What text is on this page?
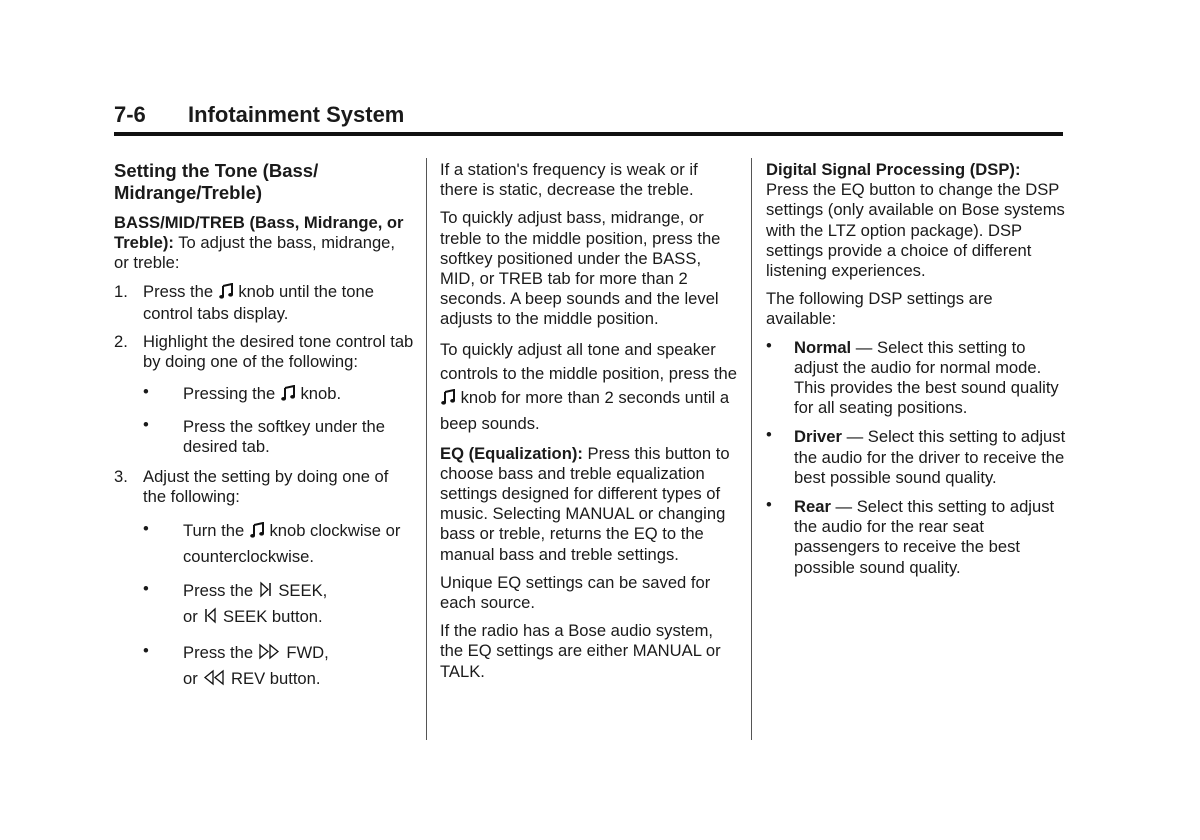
7-6 Infotainment System
Setting the Tone (Bass/ Midrange/Treble)

BASS/MID/TREB (Bass, Midrange, or Treble): To adjust the bass, midrange, or treble:

1. Press the knob until the tone control tabs display.
2. Highlight the desired tone control tab by doing one of the following:
• Pressing the knob.
• Press the softkey under the desired tab.
3. Adjust the setting by doing one of the following:
• Turn the knob clockwise or counterclockwise.
• Press the SEEK,
or SEEK button.
• Press the FWD,
or REV button.

If a station's frequency is weak or if there is static, decrease the treble.

To quickly adjust bass, midrange, or treble to the middle position, press the softkey positioned under the BASS, MID, or TREB tab for more than 2 seconds. A beep sounds and the level adjusts to the middle position.

To quickly adjust all tone and speaker controls to the middle position, press the  knob for more than 2 seconds until a beep sounds.

EQ (Equalization): Press this button to choose bass and treble equalization settings designed for different types of music. Selecting MANUAL or changing bass or treble, returns the EQ to the manual bass and treble settings.

Unique EQ settings can be saved for each source.

If the radio has a Bose audio system, the EQ settings are either MANUAL or TALK.

Digital Signal Processing (DSP): Press the EQ button to change the DSP settings (only available on Bose systems with the LTZ option package). DSP settings provide a choice of different listening experiences.

The following DSP settings are available:

• Normal — Select this setting to adjust the audio for normal mode. This provides the best sound quality for all seating positions.
• Driver — Select this setting to adjust the audio for the driver to receive the best possible sound quality.
• Rear — Select this setting to adjust the audio for the rear seat passengers to receive the best possible sound quality.
